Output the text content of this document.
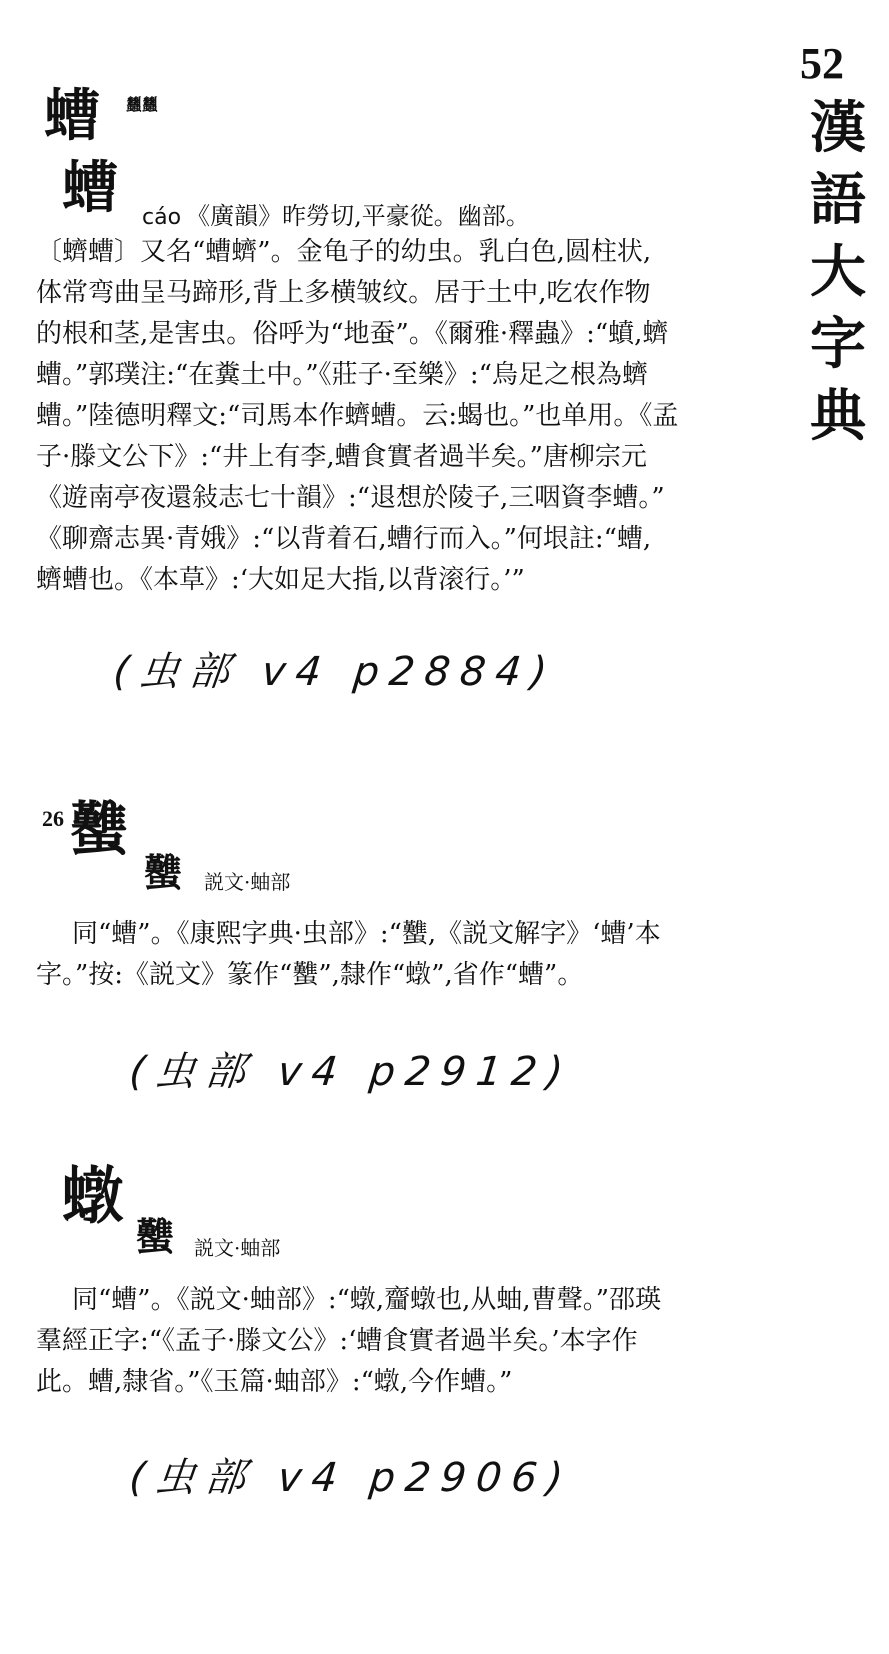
52
漢
語
大
字
典
螬 蠿蠿
螬 cáo 《廣韻》昨勞切,平豪從。幽部。
〔蠐螬〕又名“螬蠐”。金龟子的幼虫。乳白色,圆柱状,
体常弯曲呈马蹄形,背上多横皱纹。居于土中,吃农作物
的根和茎,是害虫。俗呼为“地蚕”。《爾雅·釋蟲》:“蟦,蠐
螬。”郭璞注:“在糞土中。”《莊子·至樂》:“烏足之根為蠐
螬。”陸德明釋文:“司馬本作蠐螬。云:蝎也。”也单用。《孟
子·滕文公下》:“井上有李,螬食實者過半矣。”唐柳宗元
《遊南亭夜還敍志七十韻》:“退想於陵子,三咽資李螬。”
《聊齋志異·青娥》:“以背着石,螬行而入。”何垠註:“螬,
蠐螬也。《本草》:‘大如足大指,以背滚行。’”
(虫部 v4 p2884)
26 𧕴
𧕴 説文·蚰部
同“螬”。《康熙字典·虫部》:“𧕴,《説文解字》‘螬’本
字。”按:《説文》篆作“𧕴”,隸作“𧑒”,省作“螬”。
(虫部 v4 p2912)
𧑒
𧕴 説文·蚰部
同“螬”。《説文·蚰部》:“𧑒,齏𧑒也,从蚰,曹聲。”邵瑛
羣經正字:“《孟子·滕文公》:‘螬食實者過半矣。’本字作
此。螬,隸省。”《玉篇·蚰部》:“𧑒,今作螬。”
(虫部 v4 p2906)
